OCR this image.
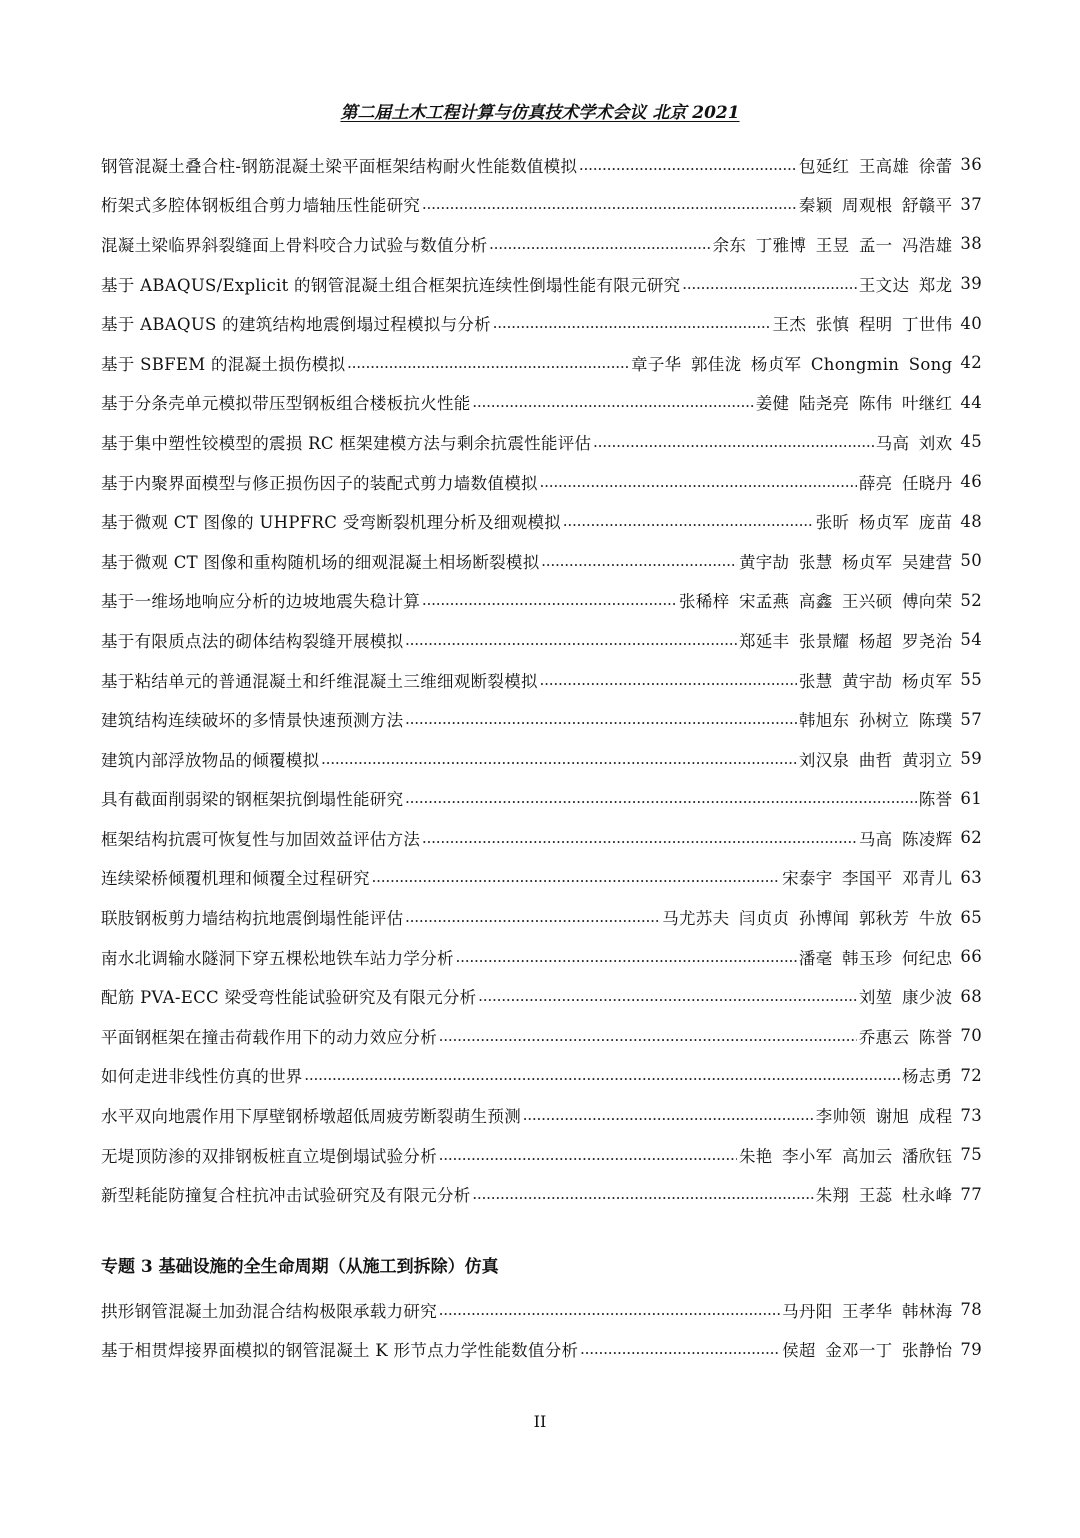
第二届土木工程计算与仿真技术学术会议 北京 2021
钢管混凝土叠合柱-钢筋混凝土梁平面框架结构耐火性能数值模拟 .....	包延红 王高雄 徐蕾 36
桁架式多腔体钢板组合剪力墙轴压性能研究 .....	秦颖 周观根 舒赣平 37
混凝土梁临界斜裂缝面上骨料咬合力试验与数值分析 .....	余东 丁雅博 王昱 孟一 冯浩雄 38
基于 ABAQUS/Explicit 的钢管混凝土组合框架抗连续性倒塌性能有限元研究 .....	王文达 郑龙 39
基于 ABAQUS 的建筑结构地震倒塌过程模拟与分析 .....	王杰 张慎 程明 丁世伟 40
基于 SBFEM 的混凝土损伤模拟 .....	章子华 郭佳泷 杨贞军 Chongmin Song 42
基于分条壳单元模拟带压型钢板组合楼板抗火性能 .....	姜健 陆尧亮 陈伟 叶继红 44
基于集中塑性铰模型的震损 RC 框架建模方法与剩余抗震性能评估 .....	马高 刘欢 45
基于内聚界面模型与修正损伤因子的装配式剪力墙数值模拟 .....	薛亮 任晓丹 46
基于微观 CT 图像的 UHPFRC 受弯断裂机理分析及细观模拟 .....	张昕 杨贞军 庞苗 48
基于微观 CT 图像和重构随机场的细观混凝土相场断裂模拟 .....	黄宇劼 张慧 杨贞军 吴建营 50
基于一维场地响应分析的边坡地震失稳计算 .....	张稀梓 宋孟燕 高鑫 王兴硕 傅向荣 52
基于有限质点法的砌体结构裂缝开展模拟 .....	郑延丰 张景耀 杨超 罗尧治 54
基于粘结单元的普通混凝土和纤维混凝土三维细观断裂模拟 .....	张慧 黄宇劼 杨贞军 55
建筑结构连续破坏的多情景快速预测方法 .....	韩旭东 孙树立 陈璞 57
建筑内部浮放物品的倾覆模拟 .....	刘汉泉 曲哲 黄羽立 59
具有截面削弱梁的钢框架抗倒塌性能研究 .....	陈誉 61
框架结构抗震可恢复性与加固效益评估方法 .....	马高 陈凌辉 62
连续梁桥倾覆机理和倾覆全过程研究 .....	宋泰宇 李国平 邓青儿 63
联肢钢板剪力墙结构抗地震倒塌性能评估 .....	马尤苏夫 闫贞贞 孙博闻 郭秋芳 牛放 65
南水北调输水隧洞下穿五棵松地铁车站力学分析 .....	潘毫 韩玉珍 何纪忠 66
配筋 PVA-ECC 梁受弯性能试验研究及有限元分析 .....	刘堃 康少波 68
平面钢框架在撞击荷载作用下的动力效应分析 .....	乔惠云 陈誉 70
如何走进非线性仿真的世界 .....	杨志勇 72
水平双向地震作用下厚壁钢桥墩超低周疲劳断裂萌生预测 .....	李帅领 谢旭 成程 73
无堤顶防渗的双排钢板桩直立堤倒塌试验分析 .....	朱艳 李小军 高加云 潘欣钰 75
新型耗能防撞复合柱抗冲击试验研究及有限元分析 .....	朱翔 王蕊 杜永峰 77
专题 3 基础设施的全生命周期（从施工到拆除）仿真
拱形钢管混凝土加劲混合结构极限承载力研究 .....	马丹阳 王孝华 韩林海 78
基于相贯焊接界面模拟的钢管混凝土 K 形节点力学性能数值分析 .....	侯超 金邓一丁 张静怡 79
II
